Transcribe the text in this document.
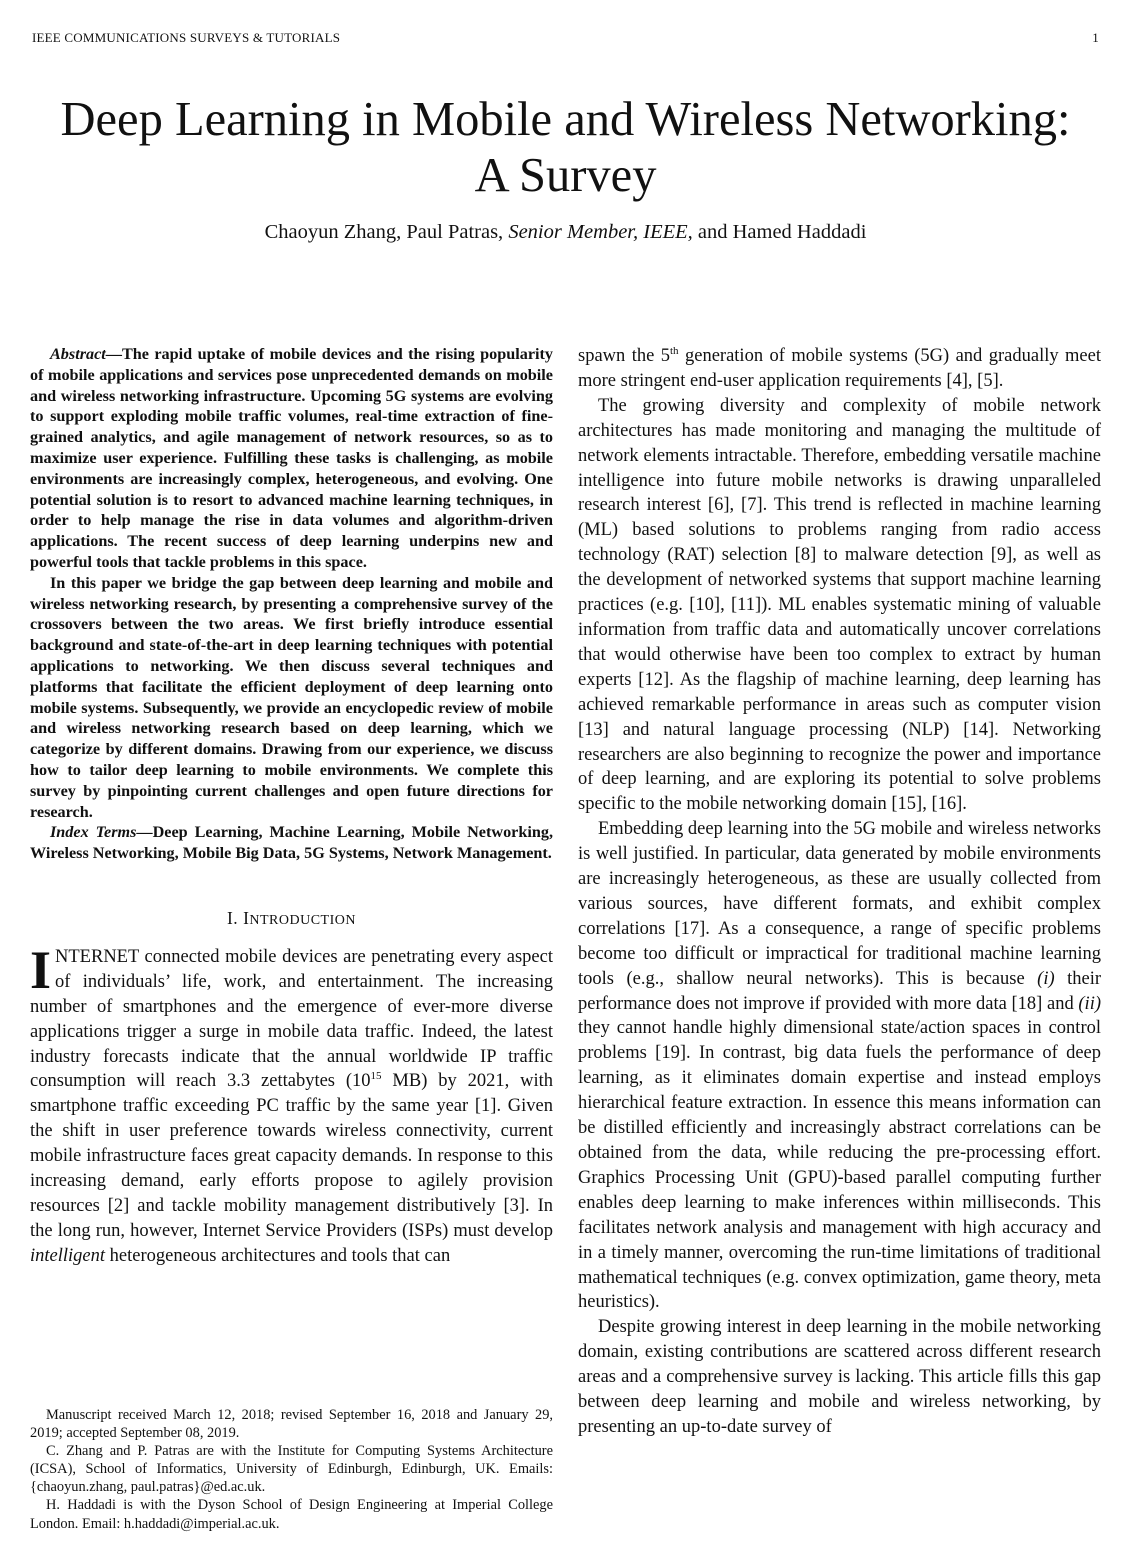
IEEE COMMUNICATIONS SURVEYS & TUTORIALS	1
Deep Learning in Mobile and Wireless Networking:
A Survey
Chaoyun Zhang, Paul Patras, Senior Member, IEEE, and Hamed Haddadi

Abstract—The rapid uptake of mobile devices and the rising popularity of mobile applications and services pose unprecedented demands on mobile and wireless networking infrastructure. Upcoming 5G systems are evolving to support exploding mobile traffic volumes, real-time extraction of fine-grained analytics, and agile management of network resources, so as to maximize user experience. Fulfilling these tasks is challenging, as mobile environments are increasingly complex, heterogeneous, and evolving. One potential solution is to resort to advanced machine learning techniques, in order to help manage the rise in data volumes and algorithm-driven applications. The recent success of deep learning underpins new and powerful tools that tackle problems in this space.

In this paper we bridge the gap between deep learning and mobile and wireless networking research, by presenting a comprehensive survey of the crossovers between the two areas. We first briefly introduce essential background and state-of-the-art in deep learning techniques with potential applications to networking. We then discuss several techniques and platforms that facilitate the efficient deployment of deep learning onto mobile systems. Subsequently, we provide an encyclopedic review of mobile and wireless networking research based on deep learning, which we categorize by different domains. Drawing from our experience, we discuss how to tailor deep learning to mobile environments. We complete this survey by pinpointing current challenges and open future directions for research.

Index Terms—Deep Learning, Machine Learning, Mobile Networking, Wireless Networking, Mobile Big Data, 5G Systems, Network Management.

I. INTRODUCTION

INTERNET connected mobile devices are penetrating every aspect of individuals’ life, work, and entertainment. The increasing number of smartphones and the emergence of ever-more diverse applications trigger a surge in mobile data traffic. Indeed, the latest industry forecasts indicate that the annual worldwide IP traffic consumption will reach 3.3 zettabytes ($10^{15}$ MB) by 2021, with smartphone traffic exceeding PC traffic by the same year [1]. Given the shift in user preference towards wireless connectivity, current mobile infrastructure faces great capacity demands. In response to this increasing demand, early efforts propose to agilely provision resources [2] and tackle mobility management distributively [3]. In the long run, however, Internet Service Providers (ISPs) must develop intelligent heterogeneous architectures and tools that can

Manuscript received March 12, 2018; revised September 16, 2018 and January 29, 2019; accepted September 08, 2019.

C. Zhang and P. Patras are with the Institute for Computing Systems Architecture (ICSA), School of Informatics, University of Edinburgh, Edinburgh, UK. Emails: {chaoyun.zhang, paul.patras}@ed.ac.uk.

H. Haddadi is with the Dyson School of Design Engineering at Imperial College London. Email: h.haddadi@imperial.ac.uk.

spawn the 5th generation of mobile systems (5G) and gradually meet more stringent end-user application requirements [4], [5].

The growing diversity and complexity of mobile network architectures has made monitoring and managing the multitude of network elements intractable. Therefore, embedding versatile machine intelligence into future mobile networks is drawing unparalleled research interest [6], [7]. This trend is reflected in machine learning (ML) based solutions to problems ranging from radio access technology (RAT) selection [8] to malware detection [9], as well as the development of networked systems that support machine learning practices (e.g. [10], [11]). ML enables systematic mining of valuable information from traffic data and automatically uncover correlations that would otherwise have been too complex to extract by human experts [12]. As the flagship of machine learning, deep learning has achieved remarkable performance in areas such as computer vision [13] and natural language processing (NLP) [14]. Networking researchers are also beginning to recognize the power and importance of deep learning, and are exploring its potential to solve problems specific to the mobile networking domain [15], [16].

Embedding deep learning into the 5G mobile and wireless networks is well justified. In particular, data generated by mobile environments are increasingly heterogeneous, as these are usually collected from various sources, have different formats, and exhibit complex correlations [17]. As a consequence, a range of specific problems become too difficult or impractical for traditional machine learning tools (e.g., shallow neural networks). This is because (i) their performance does not improve if provided with more data [18] and (ii) they cannot handle highly dimensional state/action spaces in control problems [19]. In contrast, big data fuels the performance of deep learning, as it eliminates domain expertise and instead employs hierarchical feature extraction. In essence this means information can be distilled efficiently and increasingly abstract correlations can be obtained from the data, while reducing the pre-processing effort. Graphics Processing Unit (GPU)-based parallel computing further enables deep learning to make inferences within milliseconds. This facilitates network analysis and management with high accuracy and in a timely manner, overcoming the run-time limitations of traditional mathematical techniques (e.g. convex optimization, game theory, meta heuristics).

Despite growing interest in deep learning in the mobile networking domain, existing contributions are scattered across different research areas and a comprehensive survey is lacking. This article fills this gap between deep learning and mobile and wireless networking, by presenting an up-to-date survey of
